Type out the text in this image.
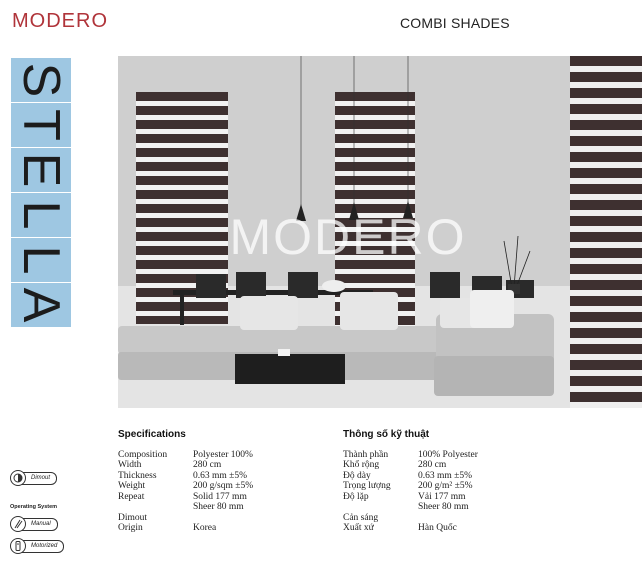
MODERO	COMBI SHADES
S
T
E
L
L
A
MODERO
Specifications
Composition	Polyester 100%
Width	280 cm
Thickness	0.63 mm ±5%
Weight	200 g/sqm ±5%
Repeat	Solid 177 mm
Sheer 80 mm
Dimout
Origin	Korea
Thông số kỹ thuật
Thành phần	100% Polyester
Khổ rộng	280 cm
Độ dày	0.63 mm ±5%
Trọng lượng	200 g/m² ±5%
Độ lặp	Vải 177 mm
Sheer 80 mm
Cản sáng
Xuất xứ	Hàn Quốc
Dimout
Operating System
Manual
Motorized
